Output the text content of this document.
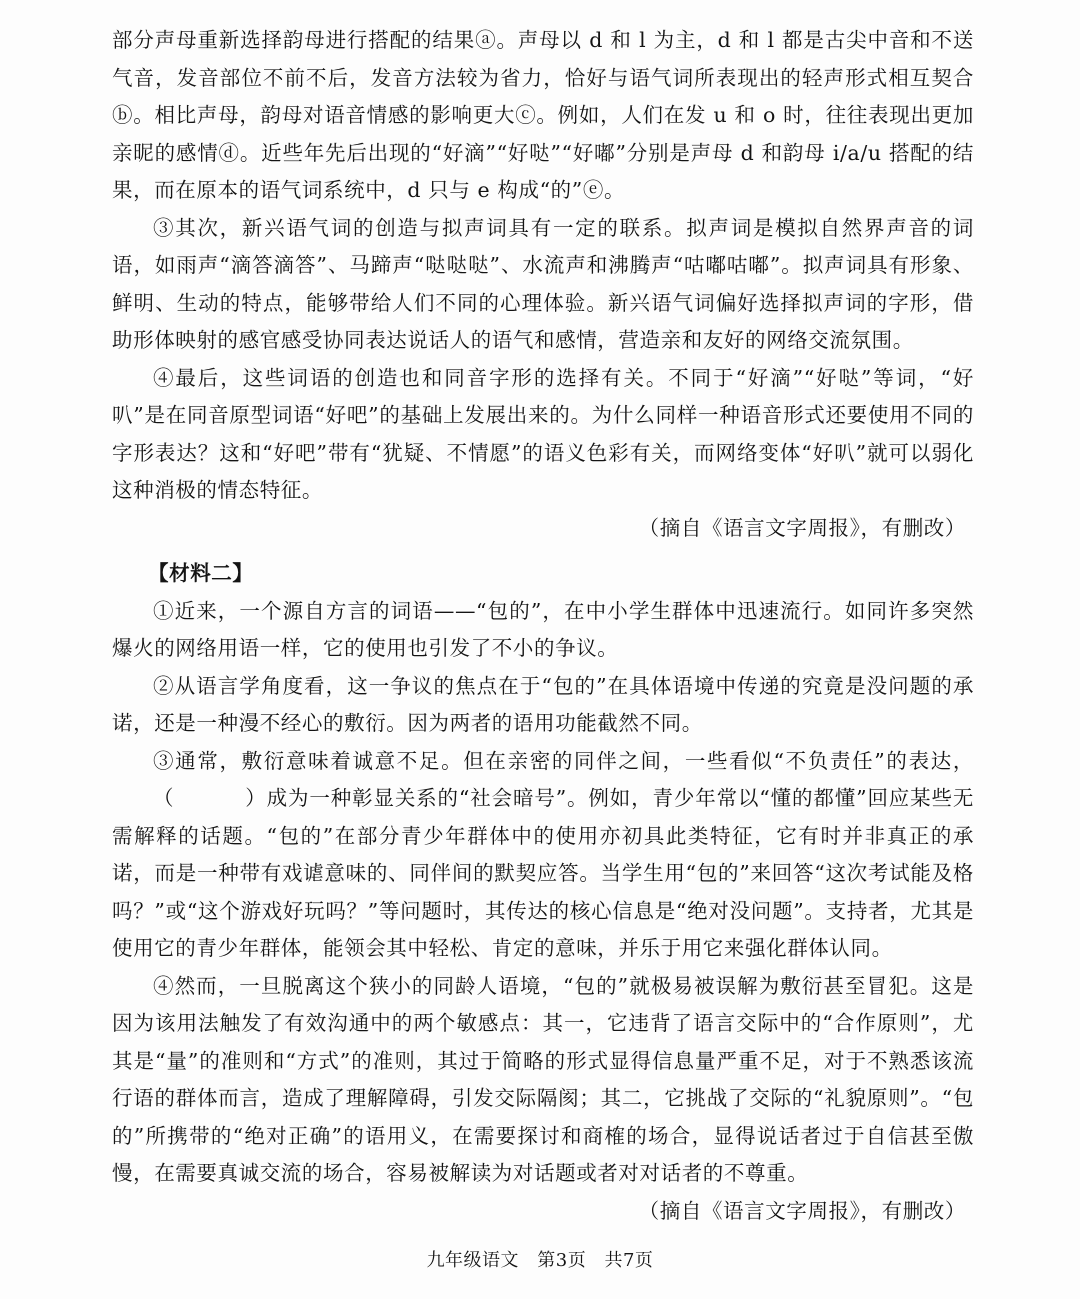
部分声母重新选择韵母进行搭配的结果ⓐ。声母以 d 和 l 为主，d 和 l 都是古尖中音和不送气音，发音部位不前不后，发音方法较为省力，恰好与语气词所表现出的轻声形式相互契合ⓑ。相比声母，韵母对语音情感的影响更大ⓒ。例如，人们在发 u 和 o 时，往往表现出更加亲昵的感情ⓓ。近些年先后出现的“好滴”“好哒”“好嘟”分别是声母 d 和韵母 i/a/u 搭配的结果，而在原本的语气词系统中，d 只与 e 构成“的”ⓔ。

③其次，新兴语气词的创造与拟声词具有一定的联系。拟声词是模拟自然界声音的词语，如雨声“滴答滴答”、马蹄声“哒哒哒”、水流声和沸腾声“咕嘟咕嘟”。拟声词具有形象、鲜明、生动的特点，能够带给人们不同的心理体验。新兴语气词偏好选择拟声词的字形，借助形体映射的感官感受协同表达说话人的语气和感情，营造亲和友好的网络交流氛围。

④最后，这些词语的创造也和同音字形的选择有关。不同于“好滴”“好哒”等词，“好叭”是在同音原型词语“好吧”的基础上发展出来的。为什么同样一种语音形式还要使用不同的字形表达？这和“好吧”带有“犹疑、不情愿”的语义色彩有关，而网络变体“好叭”就可以弱化这种消极的情态特征。

（摘自《语言文字周报》，有删改）

【材料二】

①近来，一个源自方言的词语——“包的”，在中小学生群体中迅速流行。如同许多突然爆火的网络用语一样，它的使用也引发了不小的争议。

②从语言学角度看，这一争议的焦点在于“包的”在具体语境中传递的究竟是没问题的承诺，还是一种漫不经心的敷衍。因为两者的语用功能截然不同。

③通常，敷衍意味着诚意不足。但在亲密的同伴之间，一些看似“不负责任”的表达，（          ）成为一种彰显关系的“社会暗号”。例如，青少年常以“懂的都懂”回应某些无需解释的话题。“包的”在部分青少年群体中的使用亦初具此类特征，它有时并非真正的承诺，而是一种带有戏谑意味的、同伴间的默契应答。当学生用“包的”来回答“这次考试能及格吗？”或“这个游戏好玩吗？”等问题时，其传达的核心信息是“绝对没问题”。支持者，尤其是使用它的青少年群体，能领会其中轻松、肯定的意味，并乐于用它来强化群体认同。

④然而，一旦脱离这个狭小的同龄人语境，“包的”就极易被误解为敷衍甚至冒犯。这是因为该用法触发了有效沟通中的两个敏感点：其一，它违背了语言交际中的“合作原则”，尤其是“量”的准则和“方式”的准则，其过于简略的形式显得信息量严重不足，对于不熟悉该流行语的群体而言，造成了理解障碍，引发交际隔阂；其二，它挑战了交际的“礼貌原则”。“包的”所携带的“绝对正确”的语用义，在需要探讨和商榷的场合，显得说话者过于自信甚至傲慢，在需要真诚交流的场合，容易被解读为对话题或者对对话者的不尊重。

（摘自《语言文字周报》，有删改）

九年级语文 第3页 共7页
